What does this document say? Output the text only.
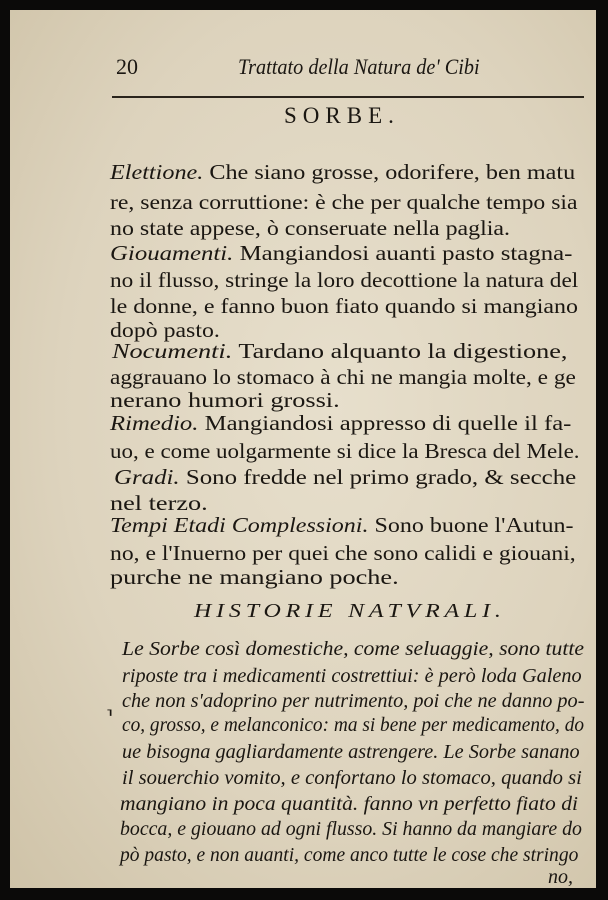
20	Trattato della Natura de' Cibi
SORBE.
Elettione. Che siano grosse, odorifere, ben matu
re, senza corruttione: è che per qualche tempo sia
no state appese, ò conseruate nella paglia.
Giouamenti. Mangiandosi auanti pasto stagna-
no il flusso, stringe la loro decottione la natura del
le donne, e fanno buon fiato quando si mangiano
dopò pasto.
Nocumenti. Tardano alquanto la digestione,
aggrauano lo stomaco à chi ne mangia molte, e ge
nerano humori grossi.
Rimedio. Mangiandosi appresso di quelle il fa-
uo, e come uolgarmente si dice la Bresca del Mele.
Gradi. Sono fredde nel primo grado, & secche
nel terzo.
Tempi Etadi Complessioni. Sono buone l'Autun-
no, e l'Inuerno per quei che sono calidi e giouani,
purche ne mangiano poche.
HISTORIE NATVRALI.
Le Sorbe così domestiche, come seluaggie, sono tutte
riposte tra i medicamenti costrettiui: è però loda Galeno
che non s'adoprino per nutrimento, poi che ne danno po-
co, grosso, e melanconico: ma si bene per medicamento, do
ue bisogna gagliardamente astrengere. Le Sorbe sanano
il souerchio vomito, e confortano lo stomaco, quando si
mangiano in poca quantità. fanno vn perfetto fiato di
bocca, e giouano ad ogni flusso. Si hanno da mangiare do
pò pasto, e non auanti, come anco tutte le cose che stringo
⸣
no,
